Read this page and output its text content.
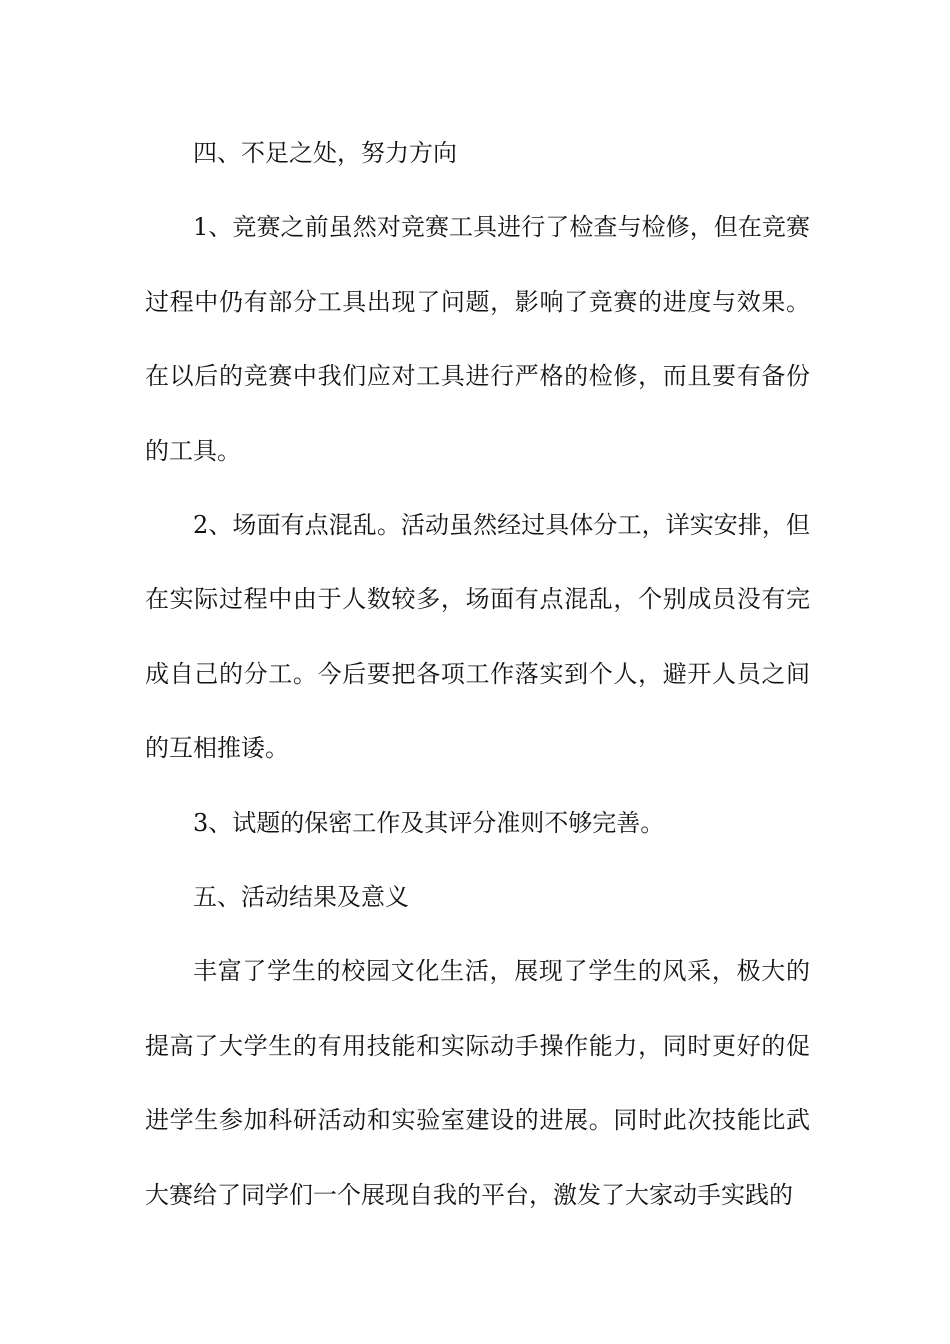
四、不足之处，努力方向

1、竞赛之前虽然对竞赛工具进行了检查与检修，但在竞赛过程中仍有部分工具出现了问题，影响了竞赛的进度与效果。在以后的竞赛中我们应对工具进行严格的检修，而且要有备份的工具。

2、场面有点混乱。活动虽然经过具体分工，详实安排，但在实际过程中由于人数较多，场面有点混乱，个别成员没有完成自己的分工。今后要把各项工作落实到个人，避开人员之间的互相推诿。

3、试题的保密工作及其评分准则不够完善。

五、活动结果及意义

丰富了学生的校园文化生活，展现了学生的风采，极大的提高了大学生的有用技能和实际动手操作能力，同时更好的促进学生参加科研活动和实验室建设的进展。同时此次技能比武大赛给了同学们一个展现自我的平台，激发了大家动手实践的
